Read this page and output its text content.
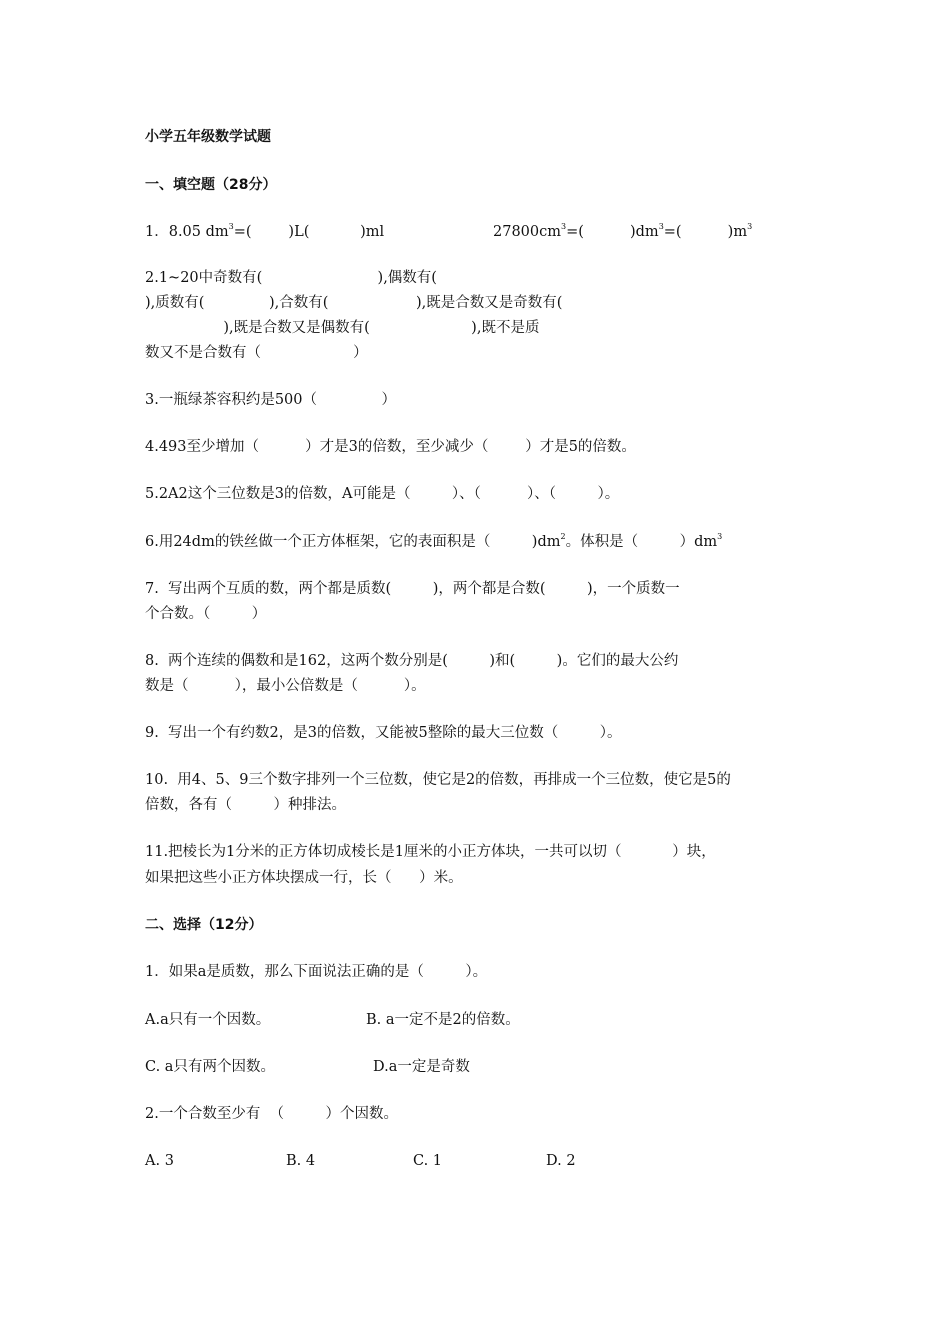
小学五年级数学试题
一、填空题（28分）
1．8.05 $dm^3=$(        )L(           )ml	$27800cm^3=$(          )$dm^3=$(          )$m^3$
2.1~20中奇数有(                         ),偶数有(
),质数有(              ),合数有(                   ),既是合数又是奇数有(
),既是合数又是偶数有(                      ),既不是质
数又不是合数有（                    ）
3.一瓶绿茶容积约是500（              ）
4.493至少增加（          ）才是3的倍数，至少减少（        ）才是5的倍数。
5.2A2这个三位数是3的倍数，A可能是（         ）、（          ）、（         ）。
6.用24dm的铁丝做一个正方体框架，它的表面积是（         )$dm^2$。体积是（         ）$dm^3$
7.  写出两个互质的数，两个都是质数(         )，两个都是合数(         )，一个质数一
个合数。（         ）
8.  两个连续的偶数和是162，这两个数分别是(         )和(         )。它们的最大公约
数是（          ），最小公倍数是（          ）。
9.  写出一个有约数2，是3的倍数，又能被5整除的最大三位数（         ）。
10.  用4、5、9三个数字排列一个三位数，使它是2的倍数，再排成一个三位数，使它是5的
倍数，各有（         ）种排法。
11.把棱长为1分米的正方体切成棱长是1厘米的小正方体块，一共可以切（           ）块，
如果把这些小正方体块摆成一行，长（      ）米。
二、选择（12分）
1．如果a是质数，那么下面说法正确的是（         ）。
A.a只有一个因数。	B. a一定不是2的倍数。
C. a只有两个因数。	D.a一定是奇数
2.一个合数至少有  （         ）个因数。
A. 3	B. 4	C. 1	D. 2
